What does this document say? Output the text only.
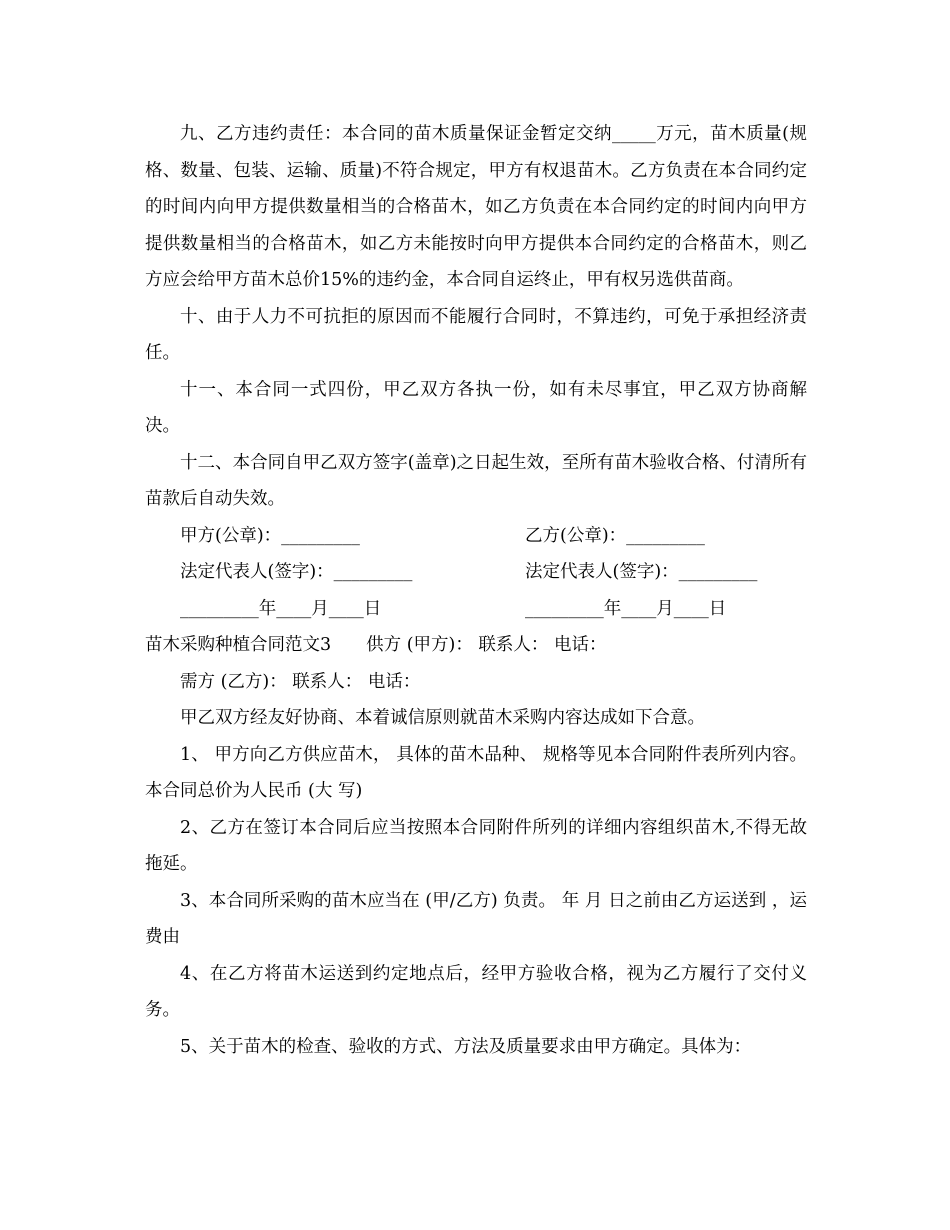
九、乙方违约责任：本合同的苗木质量保证金暂定交纳_____万元，苗木质量(规格、数量、包装、运输、质量)不符合规定，甲方有权退苗木。乙方负责在本合同约定的时间内向甲方提供数量相当的合格苗木，如乙方负责在本合同约定的时间内向甲方提供数量相当的合格苗木，如乙方未能按时向甲方提供本合同约定的合格苗木，则乙方应会给甲方苗木总价15%的违约金，本合同自运终止，甲有权另选供苗商。

十、由于人力不可抗拒的原因而不能履行合同时，不算违约，可免于承担经济责任。

十一、本合同一式四份，甲乙双方各执一份，如有未尽事宜，甲乙双方协商解决。

十二、本合同自甲乙双方签字(盖章)之日起生效，至所有苗木验收合格、付清所有苗款后自动失效。

甲方(公章)：_________	乙方(公章)：_________
法定代表人(签字)：_________	法定代表人(签字)：_________
_________年____月____日	_________年____月____日

苗木采购种植合同范文3　　供方 (甲方)： 联系人： 电话：

需方 (乙方)： 联系人： 电话：

甲乙双方经友好协商、本着诚信原则就苗木采购内容达成如下合意。

1、 甲方向乙方供应苗木， 具体的苗木品种、 规格等见本合同附件表所列内容。 本合同总价为人民币 (大 写)

2、乙方在签订本合同后应当按照本合同附件所列的详细内容组织苗木,不得无故拖延。

3、本合同所采购的苗木应当在 (甲/乙方) 负责。 年 月 日之前由乙方运送到 ，运费由

4、在乙方将苗木运送到约定地点后，经甲方验收合格，视为乙方履行了交付义务。

5、关于苗木的检查、验收的方式、方法及质量要求由甲方确定。具体为：
